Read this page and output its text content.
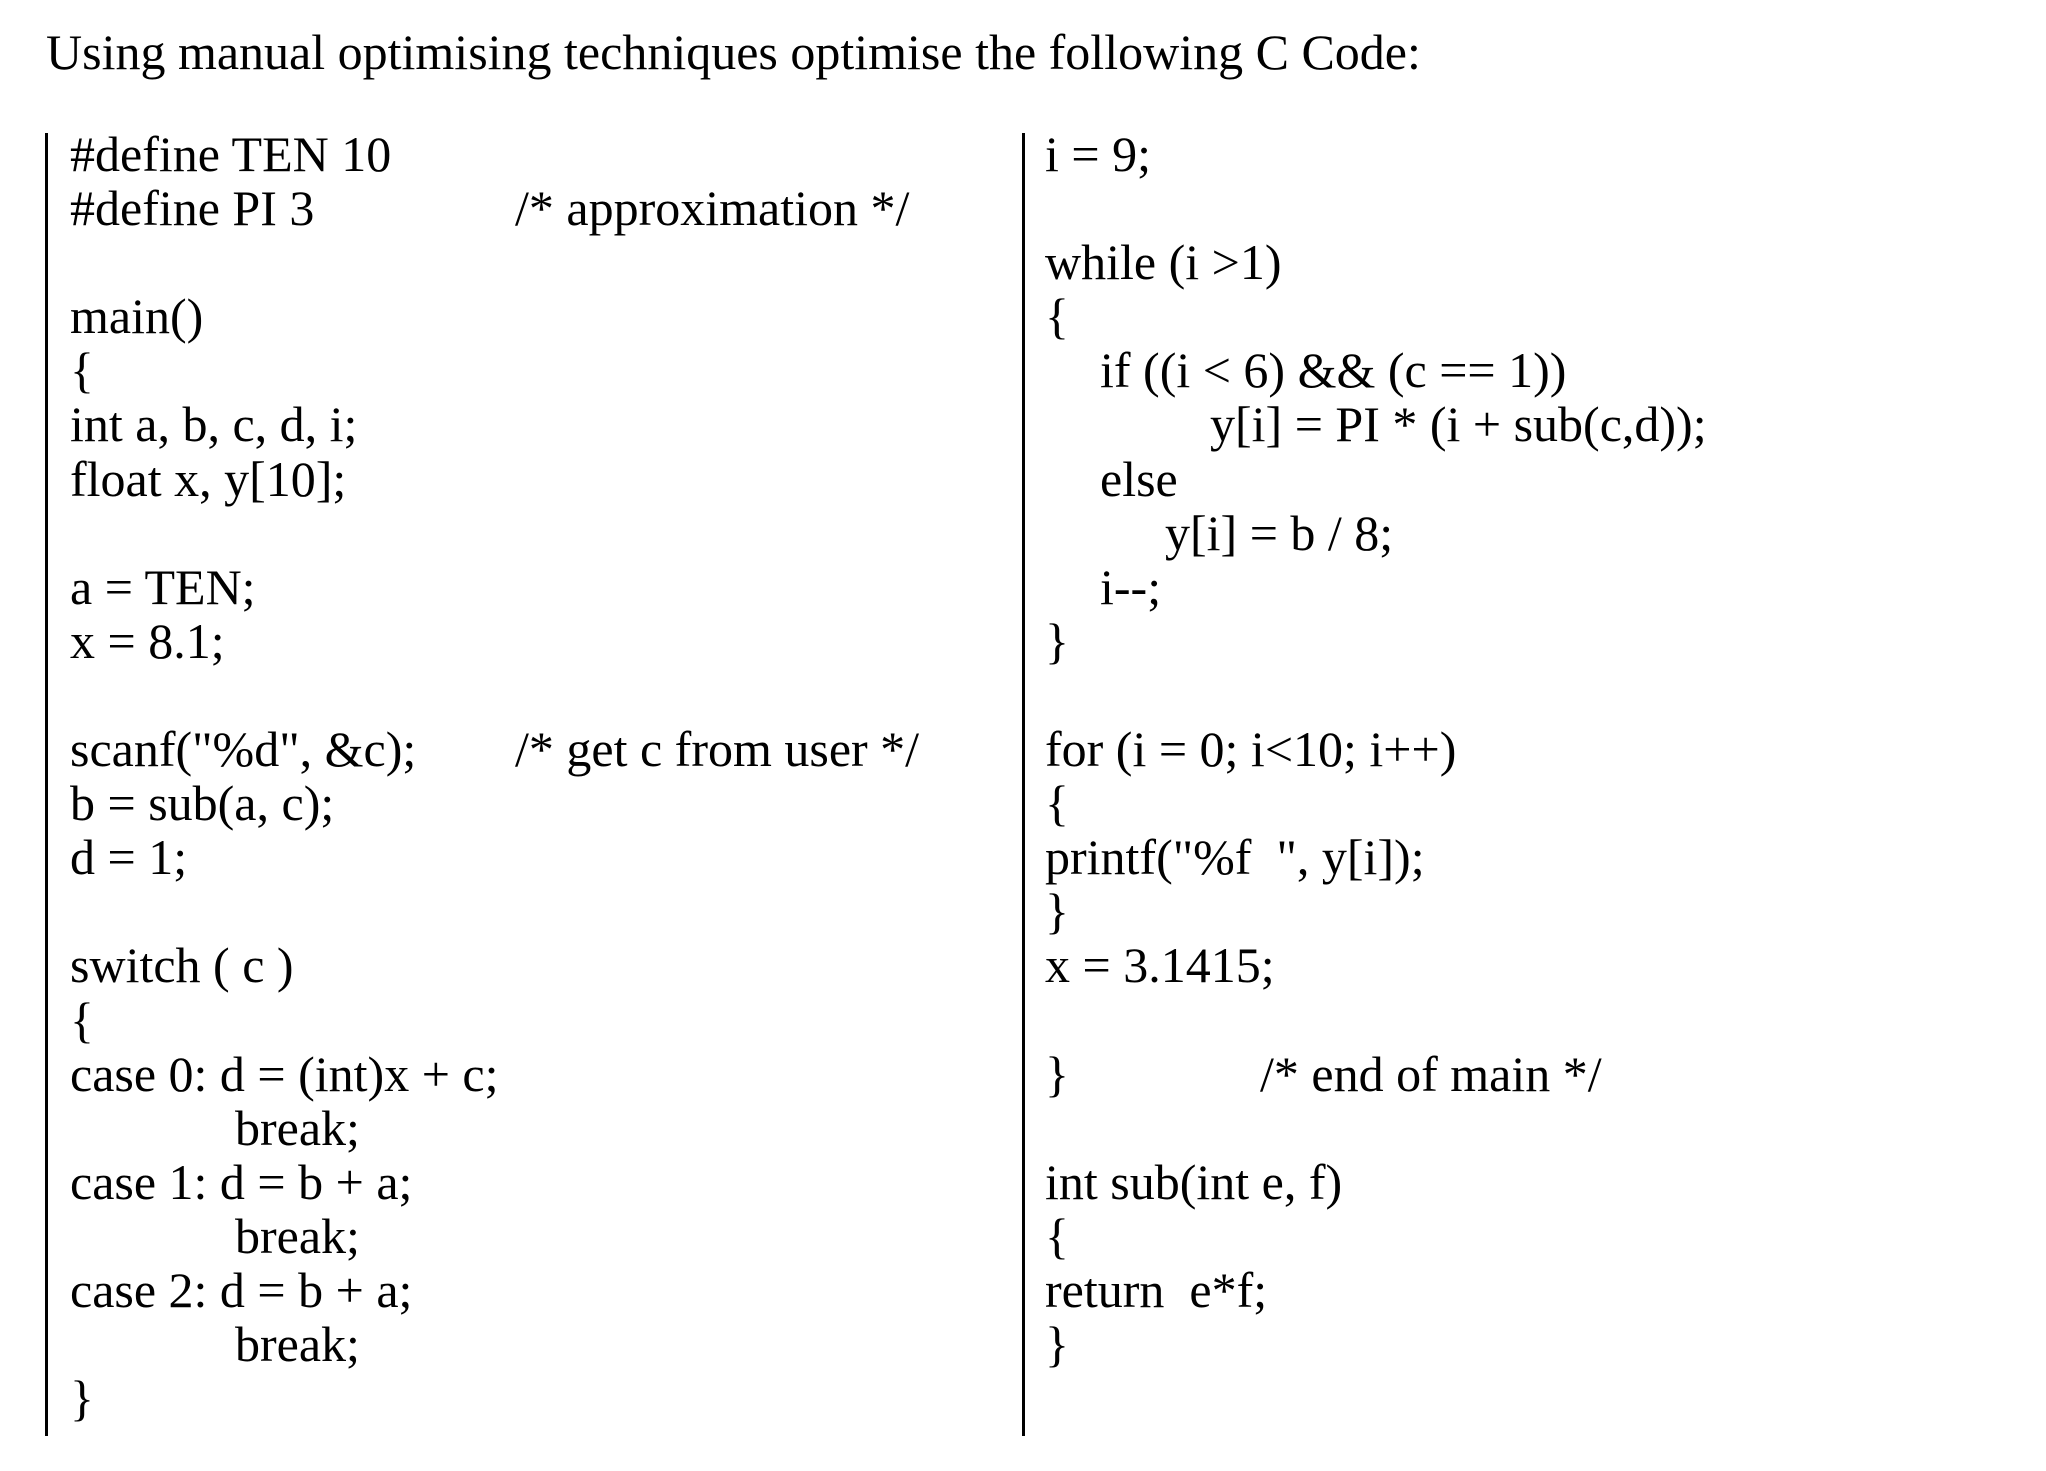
Using manual optimising techniques optimise the following C Code:
#define TEN 10
#define PI 3	/* approximation */
main()
{
int a, b, c, d, i;
float x, y[10];
a = TEN;
x = 8.1;
scanf("%d", &c); /* get c from user */
b = sub(a, c);
d = 1;
switch ( c )
{
case 0: d = (int)x + c;
break;
case 1: d = b + a;
break;
case 2: d = b + a;
break;
}
i = 9;
while (i >1)
{
if ((i < 6) && (c == 1))
y[i] = PI * (i + sub(c,d));
else
y[i] = b / 8;
i--;
}
for (i = 0; i<10; i++)
{
printf("%f  ", y[i]);
}
x = 3.1415;
}	/* end of main */
int sub(int e, f)
{
return  e*f;
}
